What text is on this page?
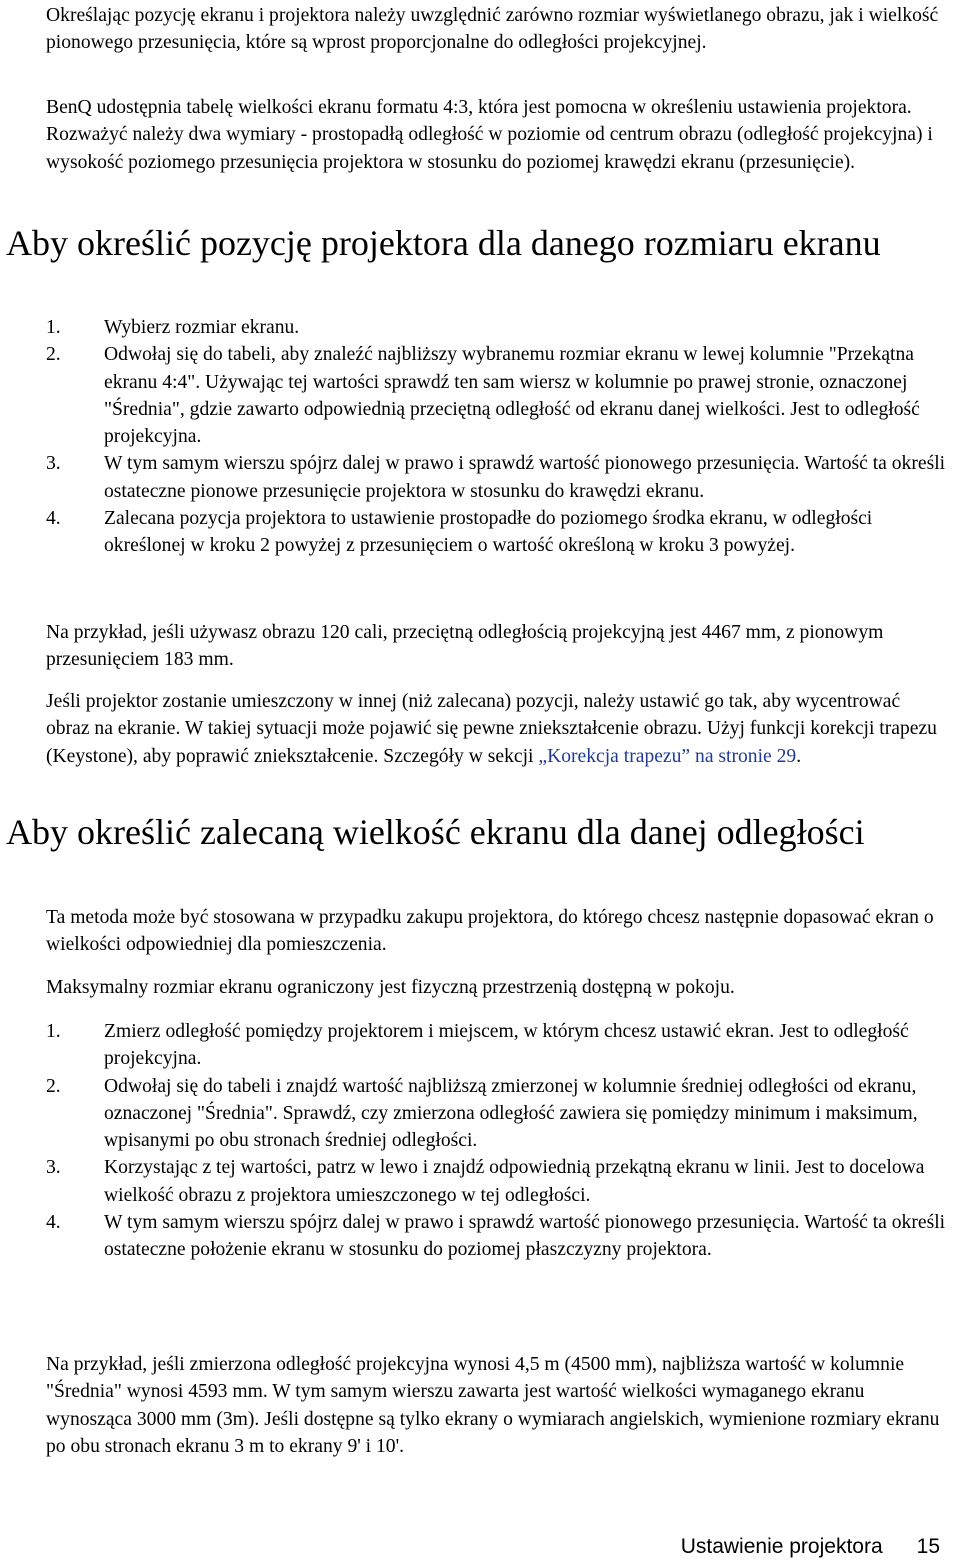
Określając pozycję ekranu i projektora należy uwzględnić zarówno rozmiar wyświetlanego obrazu, jak i wielkość pionowego przesunięcia, które są wprost proporcjonalne do odległości projekcyjnej.

BenQ udostępnia tabelę wielkości ekranu formatu 4:3, która jest pomocna w określeniu ustawienia projektora. Rozważyć należy dwa wymiary - prostopadłą odległość w poziomie od centrum obrazu (odległość projekcyjna) i wysokość poziomego przesunięcia projektora w stosunku do poziomej krawędzi ekranu (przesunięcie).

Aby określić pozycję projektora dla danego rozmiaru ekranu
1. Wybierz rozmiar ekranu.
2. Odwołaj się do tabeli, aby znaleźć najbliższy wybranemu rozmiar ekranu w lewej kolumnie "Przekątna ekranu 4:4". Używając tej wartości sprawdź ten sam wiersz w kolumnie po prawej stronie, oznaczonej "Średnia", gdzie zawarto odpowiednią przeciętną odległość od ekranu danej wielkości. Jest to odległość projekcyjna.
3. W tym samym wierszu spójrz dalej w prawo i sprawdź wartość pionowego przesunięcia. Wartość ta określi ostateczne pionowe przesunięcie projektora w stosunku do krawędzi ekranu.
4. Zalecana pozycja projektora to ustawienie prostopadłe do poziomego środka ekranu, w odległości określonej w kroku 2 powyżej z przesunięciem o wartość określoną w kroku 3 powyżej.

Na przykład, jeśli używasz obrazu 120 cali, przeciętną odległością projekcyjną jest 4467 mm, z pionowym przesunięciem 183 mm.

Jeśli projektor zostanie umieszczony w innej (niż zalecana) pozycji, należy ustawić go tak, aby wycentrować obraz na ekranie. W takiej sytuacji może pojawić się pewne zniekształcenie obrazu. Użyj funkcji korekcji trapezu (Keystone), aby poprawić zniekształcenie. Szczegóły w sekcji „Korekcja trapezu” na stronie 29.

Aby określić zalecaną wielkość ekranu dla danej odległości

Ta metoda może być stosowana w przypadku zakupu projektora, do którego chcesz następnie dopasować ekran o wielkości odpowiedniej dla pomieszczenia.

Maksymalny rozmiar ekranu ograniczony jest fizyczną przestrzenią dostępną w pokoju.

1. Zmierz odległość pomiędzy projektorem i miejscem, w którym chcesz ustawić ekran. Jest to odległość projekcyjna.
2. Odwołaj się do tabeli i znajdź wartość najbliższą zmierzonej w kolumnie średniej odległości od ekranu, oznaczonej "Średnia". Sprawdź, czy zmierzona odległość zawiera się pomiędzy minimum i maksimum, wpisanymi po obu stronach średniej odległości.
3. Korzystając z tej wartości, patrz w lewo i znajdź odpowiednią przekątną ekranu w linii. Jest to docelowa wielkość obrazu z projektora umieszczonego w tej odległości.
4. W tym samym wierszu spójrz dalej w prawo i sprawdź wartość pionowego przesunięcia. Wartość ta określi ostateczne położenie ekranu w stosunku do poziomej płaszczyzny projektora.

Na przykład, jeśli zmierzona odległość projekcyjna wynosi 4,5 m (4500 mm), najbliższa wartość w kolumnie "Średnia" wynosi 4593 mm. W tym samym wierszu zawarta jest wartość wielkości wymaganego ekranu wynosząca 3000 mm (3m). Jeśli dostępne są tylko ekrany o wymiarach angielskich, wymienione rozmiary ekranu po obu stronach ekranu 3 m to ekrany 9' i 10'.

Ustawienie projektora 15
